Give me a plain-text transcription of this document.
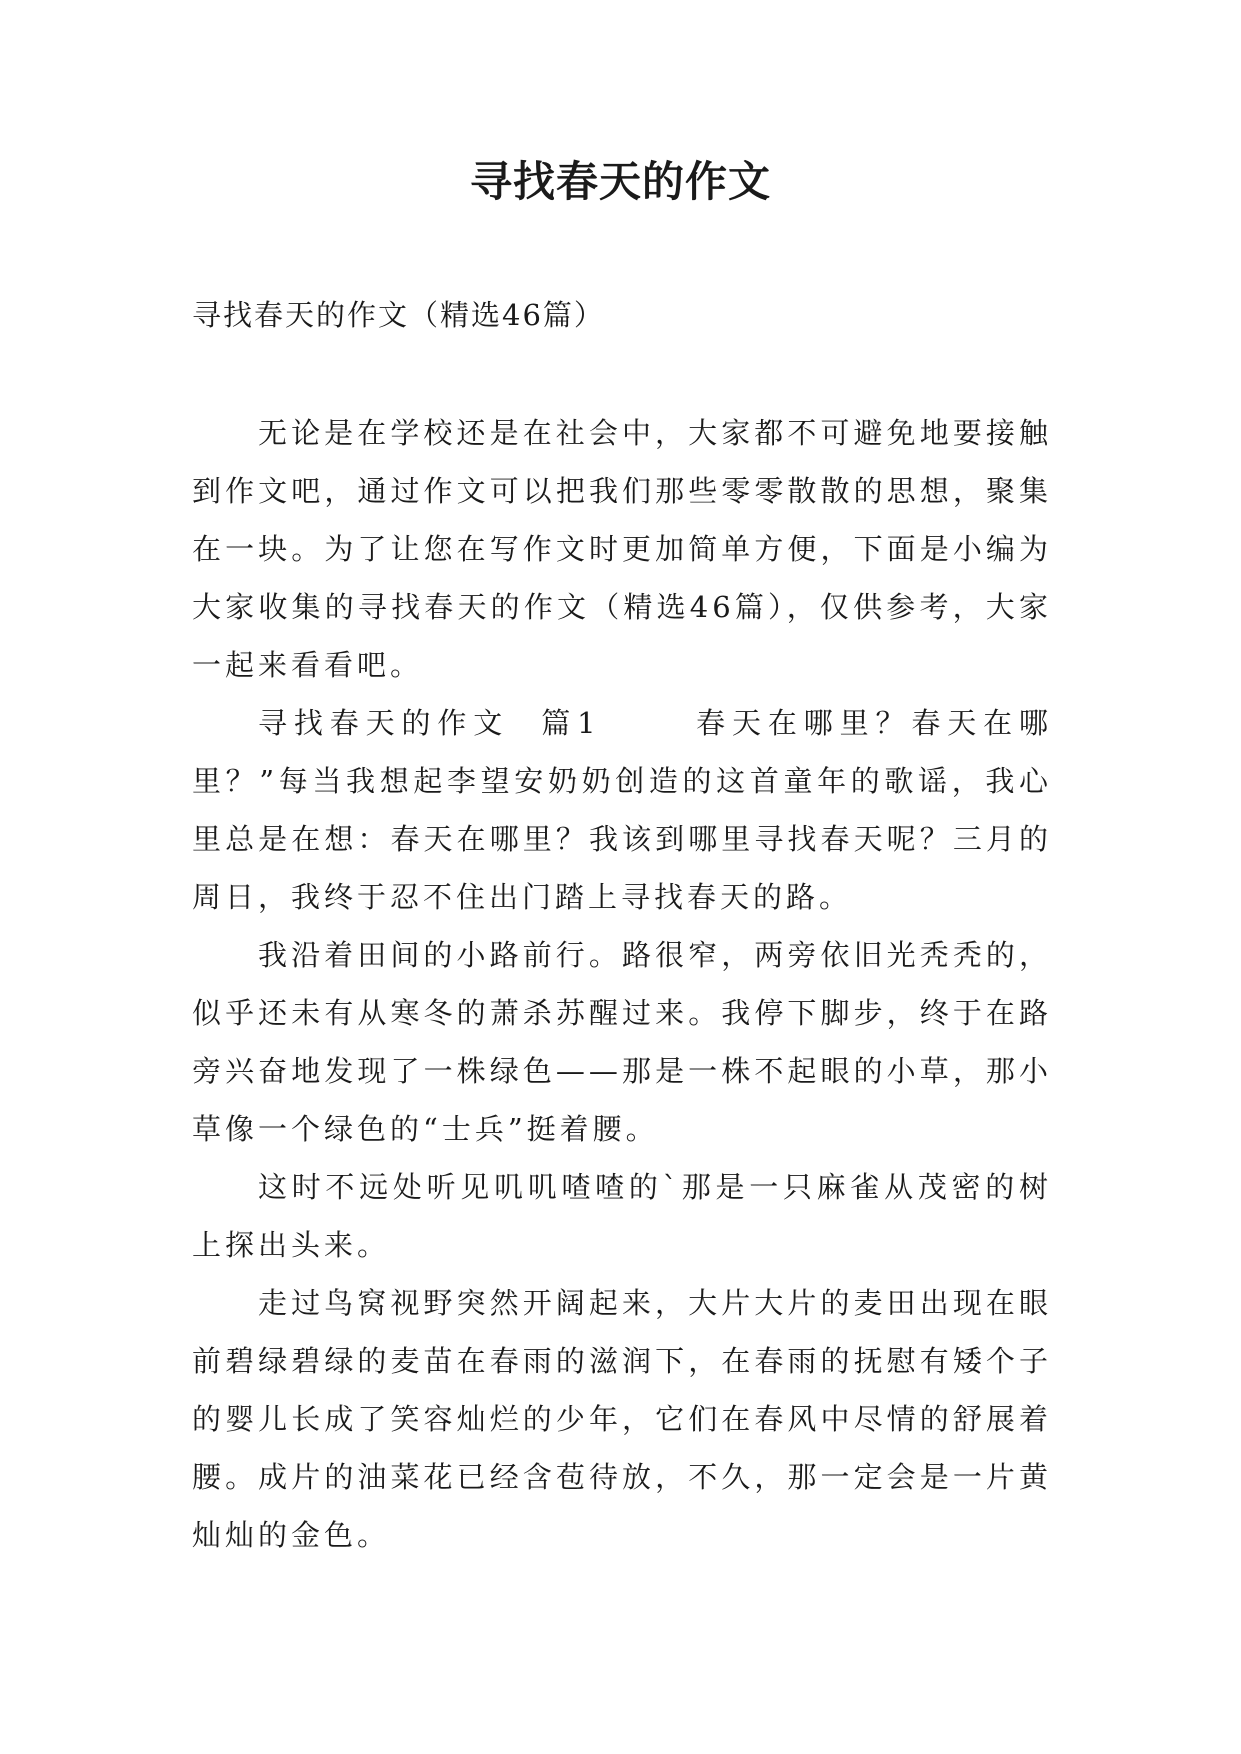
寻找春天的作文

寻找春天的作文（精选46篇）

无论是在学校还是在社会中，大家都不可避免地要接触到作文吧，通过作文可以把我们那些零零散散的思想，聚集在一块。为了让您在写作文时更加简单方便，下面是小编为大家收集的寻找春天的作文（精选46篇），仅供参考，大家一起来看看吧。

寻找春天的作文  篇1      春天在哪里？春天在哪里？”每当我想起李望安奶奶创造的这首童年的歌谣，我心里总是在想：春天在哪里？我该到哪里寻找春天呢？三月的周日，我终于忍不住出门踏上寻找春天的路。

我沿着田间的小路前行。路很窄，两旁依旧光秃秃的，似乎还未有从寒冬的萧杀苏醒过来。我停下脚步，终于在路旁兴奋地发现了一株绿色——那是一株不起眼的小草，那小草像一个绿色的“士兵”挺着腰。

这时不远处听见叽叽喳喳的`那是一只麻雀从茂密的树上探出头来。

走过鸟窝视野突然开阔起来，大片大片的麦田出现在眼前碧绿碧绿的麦苗在春雨的滋润下，在春雨的抚慰有矮个子的婴儿长成了笑容灿烂的少年，它们在春风中尽情的舒展着腰。成片的油菜花已经含苞待放，不久，那一定会是一片黄灿灿的金色。
